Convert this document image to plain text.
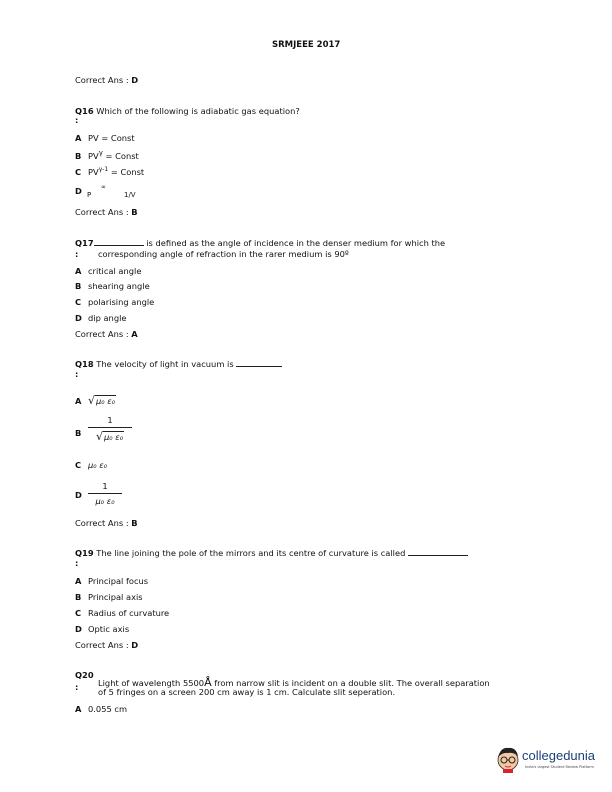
SRMJEEE 2017
Correct Ans : D
Q16 Which of the following is adiabatic gas equation?
:
A PV = Const
B $PV^\gamma$ = Const
C $PV^{\gamma-1}$ = Const
D P
∝
1/V
Correct Ans : B
Q17	is defined as the angle of incidence in the denser medium for which the
: corresponding angle of refraction in the rarer medium is 90º
A critical angle
B shearing angle
C polarising angle
D dip angle
Correct Ans : A
Q18 The velocity of light in vacuum is
:
A √μ₀ ε₀
B $\frac{1}{\text{√μ₀ ε₀}}$
C μ₀ ε₀
D $\frac{1}{\text{μ₀ ε₀}}$
Correct Ans : B
Q19 The line joining the pole of the mirrors and its centre of curvature is called
:
A Principal focus
B Principal axis
C Radius of curvature
D Optic axis
Correct Ans : D
Q20
: Light of wavelength 5500Å from narrow slit is incident on a double slit. The overall separation
of 5 fringes on a screen 200 cm away is 1 cm. Calculate slit seperation.
A 0.055 cm
collegedunia
India's largest Student Review Platform
